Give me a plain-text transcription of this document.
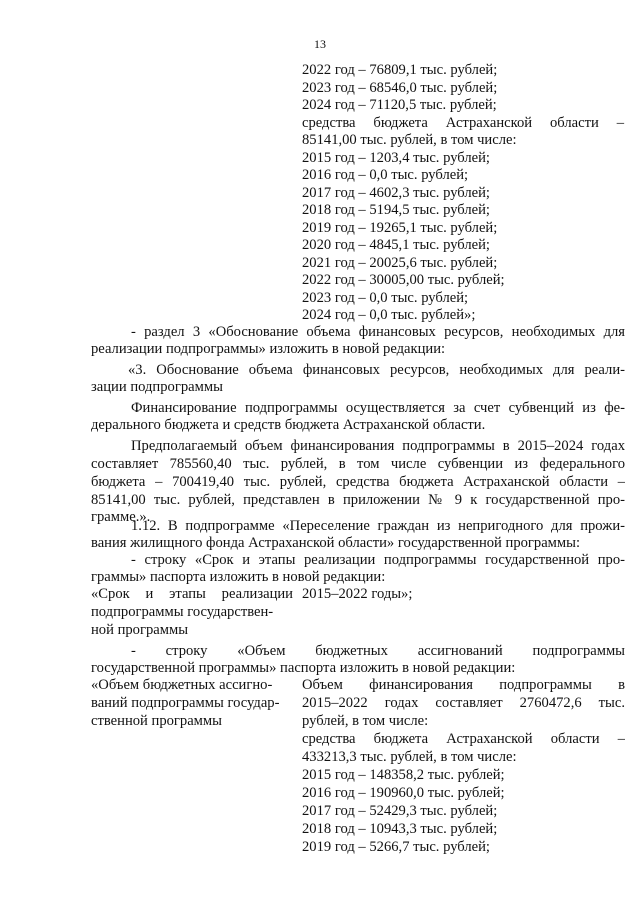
13
2022 год – 76809,1 тыс. рублей;
2023 год – 68546,0 тыс. рублей;
2024 год – 71120,5 тыс. рублей;
средства бюджета Астраханской области –
85141,00 тыс. рублей, в том числе:
2015 год – 1203,4 тыс. рублей;
2016 год – 0,0 тыс. рублей;
2017 год – 4602,3 тыс. рублей;
2018 год – 5194,5 тыс. рублей;
2019 год – 19265,1 тыс. рублей;
2020 год – 4845,1 тыс. рублей;
2021 год – 20025,6 тыс. рублей;
2022 год – 30005,00 тыс. рублей;
2023 год – 0,0 тыс. рублей;
2024 год – 0,0 тыс. рублей»;
- раздел 3 «Обоснование объема финансовых ресурсов, необходимых для
реализации подпрограммы» изложить в новой редакции:
«3. Обоснование объема финансовых ресурсов, необходимых для реали-
зации подпрограммы
Финансирование подпрограммы осуществляется за счет субвенций из фе-
дерального бюджета и средств бюджета Астраханской области.
Предполагаемый объем финансирования подпрограммы в 2015–2024 годах
составляет 785560,40 тыс. рублей, в том числе субвенции из федерального
бюджета – 700419,40 тыс. рублей, средства бюджета Астраханской области –
85141,00 тыс. рублей, представлен в приложении № 9 к государственной про-
грамме.».
1.12. В подпрограмме «Переселение граждан из непригодного для прожи-
вания жилищного фонда Астраханской области» государственной программы:
- строку «Срок и этапы реализации подпрограммы государственной про-
граммы» паспорта изложить в новой редакции:
«Срок и этапы реализации
подпрограммы государствен-
ной программы
2015–2022 годы»;
- строку «Объем бюджетных ассигнований подпрограммы
государственной программы» паспорта изложить в новой редакции:
«Объем бюджетных ассигно-
ваний подпрограммы государ-
ственной программы
Объем финансирования подпрограммы в
2015–2022 годах составляет 2760472,6 тыс.
рублей, в том числе:
средства бюджета Астраханской области –
433213,3 тыс. рублей, в том числе:
2015 год – 148358,2 тыс. рублей;
2016 год – 190960,0 тыс. рублей;
2017 год – 52429,3 тыс. рублей;
2018 год – 10943,3 тыс. рублей;
2019 год – 5266,7 тыс. рублей;
